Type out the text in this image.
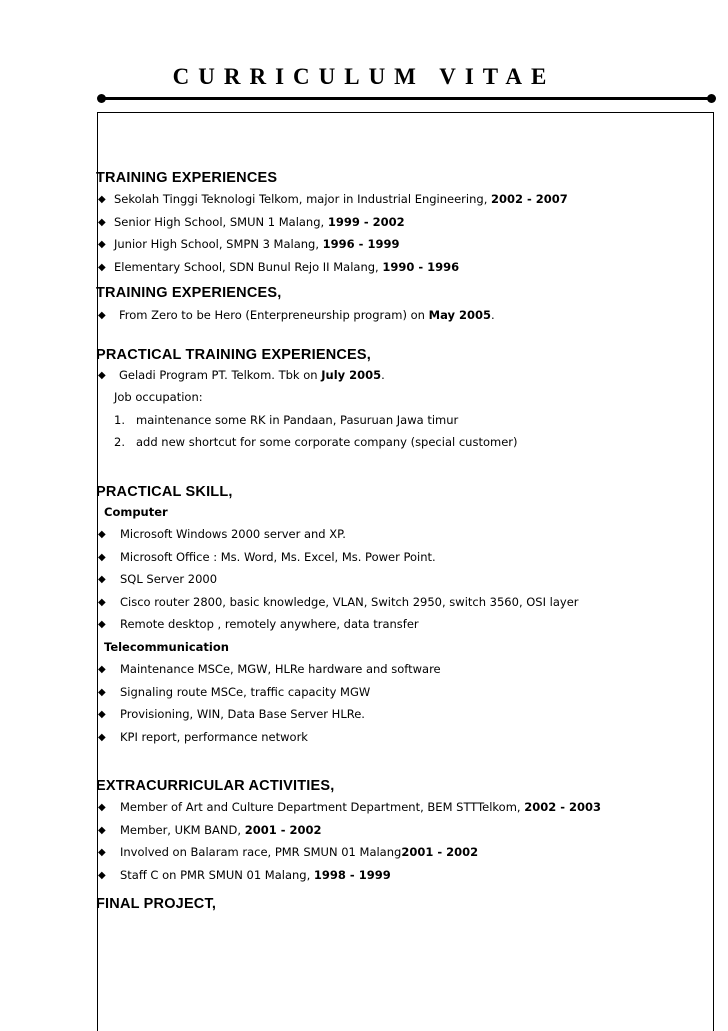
CURRICULUM VITAE
TRAINING EXPERIENCES
◆ Sekolah Tinggi Teknologi Telkom, major in Industrial Engineering, 2002 - 2007
◆ Senior High School, SMUN 1 Malang, 1999 - 2002
◆ Junior High School, SMPN 3 Malang, 1996 - 1999
◆ Elementary School, SDN Bunul Rejo II Malang, 1990 - 1996
TRAINING EXPERIENCES,
◆ From Zero to be Hero (Enterpreneurship program) on May 2005.
PRACTICAL TRAINING EXPERIENCES,
◆ Geladi Program PT. Telkom. Tbk on July 2005.
Job occupation:
1. maintenance some RK in Pandaan, Pasuruan Jawa timur
2. add new shortcut for some corporate company (special customer)
PRACTICAL SKILL,
Computer
◆ Microsoft Windows 2000 server and XP.
◆ Microsoft Office : Ms. Word, Ms. Excel, Ms. Power Point.
◆ SQL Server 2000
◆ Cisco router 2800, basic knowledge, VLAN, Switch 2950, switch 3560, OSI layer
◆ Remote desktop , remotely anywhere, data transfer
Telecommunication
◆ Maintenance MSCe, MGW, HLRe hardware and software
◆ Signaling route MSCe, traffic capacity MGW
◆ Provisioning, WIN, Data Base Server HLRe.
◆ KPI report, performance network
EXTRACURRICULAR ACTIVITIES,
◆ Member of Art and Culture Department Department, BEM STTTelkom, 2002 - 2003
◆ Member, UKM BAND, 2001 - 2002
◆ Involved on Balaram race, PMR SMUN 01 Malang2001 - 2002
◆ Staff C on PMR SMUN 01 Malang, 1998 - 1999
FINAL PROJECT,
